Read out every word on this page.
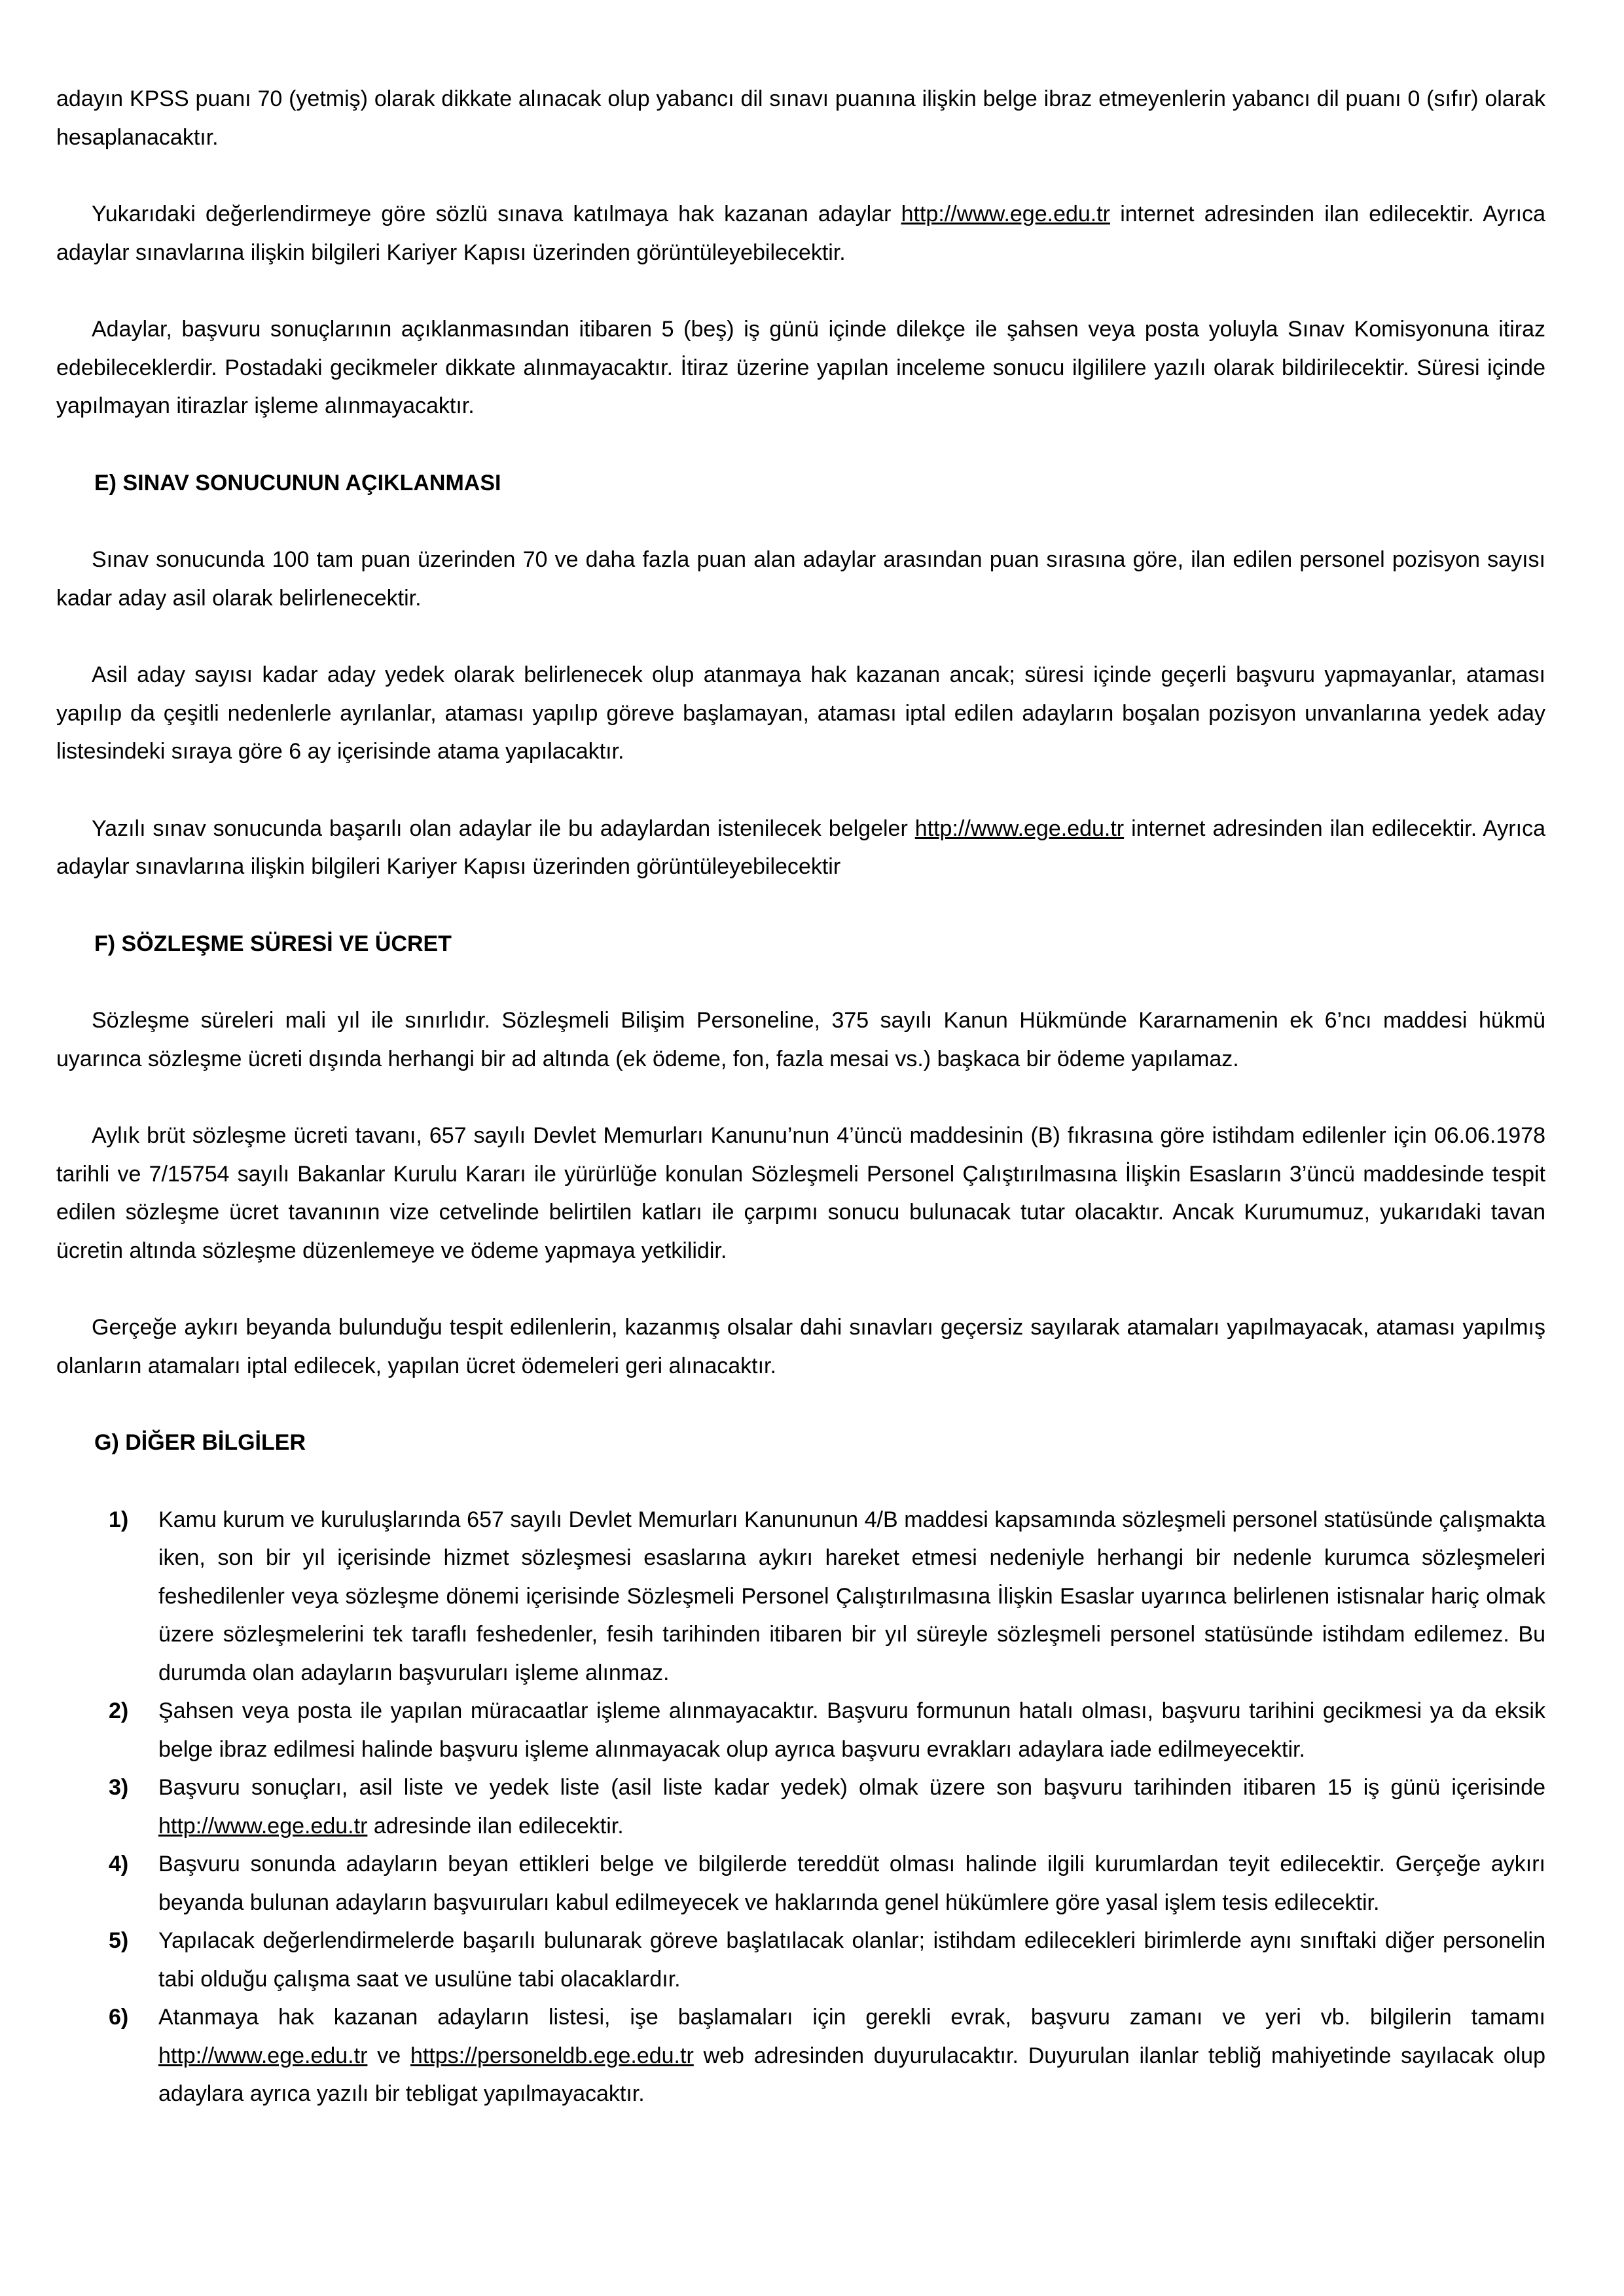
adayın KPSS puanı 70 (yetmiş) olarak dikkate alınacak olup yabancı dil sınavı puanına ilişkin belge ibraz etmeyenlerin yabancı dil puanı 0 (sıfır) olarak hesaplanacaktır.

Yukarıdaki değerlendirmeye göre sözlü sınava katılmaya hak kazanan adaylar http://www.ege.edu.tr internet adresinden ilan edilecektir. Ayrıca adaylar sınavlarına ilişkin bilgileri Kariyer Kapısı üzerinden görüntüleyebilecektir.

Adaylar, başvuru sonuçlarının açıklanmasından itibaren 5 (beş) iş günü içinde dilekçe ile şahsen veya posta yoluyla Sınav Komisyonuna itiraz edebileceklerdir. Postadaki gecikmeler dikkate alınmayacaktır. İtiraz üzerine yapılan inceleme sonucu ilgililere yazılı olarak bildirilecektir. Süresi içinde yapılmayan itirazlar işleme alınmayacaktır.

E) SINAV SONUCUNUN AÇIKLANMASI

Sınav sonucunda 100 tam puan üzerinden 70 ve daha fazla puan alan adaylar arasından puan sırasına göre, ilan edilen personel pozisyon sayısı kadar aday asil olarak belirlenecektir.

Asil aday sayısı kadar aday yedek olarak belirlenecek olup atanmaya hak kazanan ancak; süresi içinde geçerli başvuru yapmayanlar, ataması yapılıp da çeşitli nedenlerle ayrılanlar, ataması yapılıp göreve başlamayan, ataması iptal edilen adayların boşalan pozisyon unvanlarına yedek aday listesindeki sıraya göre 6 ay içerisinde atama yapılacaktır.

Yazılı sınav sonucunda başarılı olan adaylar ile bu adaylardan istenilecek belgeler http://www.ege.edu.tr internet adresinden ilan edilecektir. Ayrıca adaylar sınavlarına ilişkin bilgileri Kariyer Kapısı üzerinden görüntüleyebilecektir

F) SÖZLEŞME SÜRESİ VE ÜCRET

Sözleşme süreleri mali yıl ile sınırlıdır. Sözleşmeli Bilişim Personeline, 375 sayılı Kanun Hükmünde Kararnamenin ek 6’ncı maddesi hükmü uyarınca sözleşme ücreti dışında herhangi bir ad altında (ek ödeme, fon, fazla mesai vs.) başkaca bir ödeme yapılamaz.

Aylık brüt sözleşme ücreti tavanı, 657 sayılı Devlet Memurları Kanunu’nun 4’üncü maddesinin (B) fıkrasına göre istihdam edilenler için 06.06.1978 tarihli ve 7/15754 sayılı Bakanlar Kurulu Kararı ile yürürlüğe konulan Sözleşmeli Personel Çalıştırılmasına İlişkin Esasların 3’üncü maddesinde tespit edilen sözleşme ücret tavanının vize cetvelinde belirtilen katları ile çarpımı sonucu bulunacak tutar olacaktır. Ancak Kurumumuz, yukarıdaki tavan ücretin altında sözleşme düzenlemeye ve ödeme yapmaya yetkilidir.

Gerçeğe aykırı beyanda bulunduğu tespit edilenlerin, kazanmış olsalar dahi sınavları geçersiz sayılarak atamaları yapılmayacak, ataması yapılmış olanların atamaları iptal edilecek, yapılan ücret ödemeleri geri alınacaktır.

G) DİĞER BİLGİLER

1) Kamu kurum ve kuruluşlarında 657 sayılı Devlet Memurları Kanununun 4/B maddesi kapsamında sözleşmeli personel statüsünde çalışmakta iken, son bir yıl içerisinde hizmet sözleşmesi esaslarına aykırı hareket etmesi nedeniyle herhangi bir nedenle kurumca sözleşmeleri feshedilenler veya sözleşme dönemi içerisinde Sözleşmeli Personel Çalıştırılmasına İlişkin Esaslar uyarınca belirlenen istisnalar hariç olmak üzere sözleşmelerini tek taraflı feshedenler, fesih tarihinden itibaren bir yıl süreyle sözleşmeli personel statüsünde istihdam edilemez. Bu durumda olan adayların başvuruları işleme alınmaz.
2) Şahsen veya posta ile yapılan müracaatlar işleme alınmayacaktır. Başvuru formunun hatalı olması, başvuru tarihini gecikmesi ya da eksik belge ibraz edilmesi halinde başvuru işleme alınmayacak olup ayrıca başvuru evrakları adaylara iade edilmeyecektir.
3) Başvuru sonuçları, asil liste ve yedek liste (asil liste kadar yedek) olmak üzere son başvuru tarihinden itibaren 15 iş günü içerisinde http://www.ege.edu.tr adresinde ilan edilecektir.
4) Başvuru sonunda adayların beyan ettikleri belge ve bilgilerde tereddüt olması halinde ilgili kurumlardan teyit edilecektir. Gerçeğe aykırı beyanda bulunan adayların başvuıruları kabul edilmeyecek ve haklarında genel hükümlere göre yasal işlem tesis edilecektir.
5) Yapılacak değerlendirmelerde başarılı bulunarak göreve başlatılacak olanlar; istihdam edilecekleri birimlerde aynı sınıftaki diğer personelin tabi olduğu çalışma saat ve usulüne tabi olacaklardır.
6) Atanmaya hak kazanan adayların listesi, işe başlamaları için gerekli evrak, başvuru zamanı ve yeri vb. bilgilerin tamamı http://www.ege.edu.tr ve https://personeldb.ege.edu.tr web adresinden duyurulacaktır. Duyurulan ilanlar tebliğ mahiyetinde sayılacak olup adaylara ayrıca yazılı bir tebligat yapılmayacaktır.
